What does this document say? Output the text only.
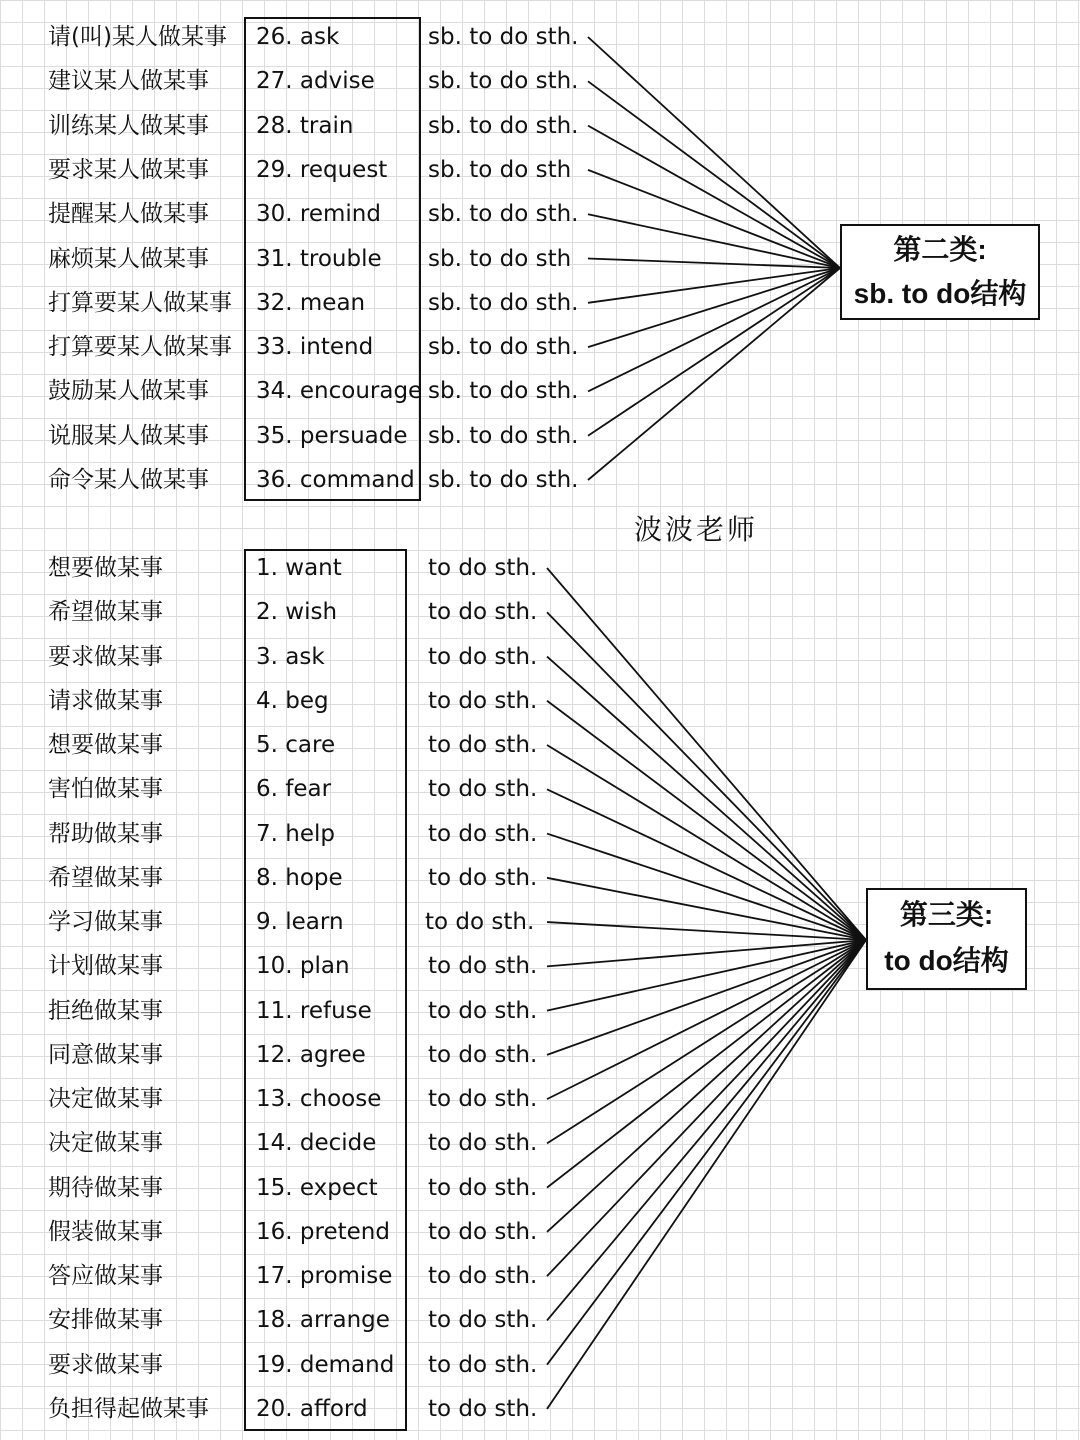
请(叫)某人做某事 26. ask	sb. to do sth.
建议某人做某事 27. advise sb. to do sth.
训练某人做某事 28. train	sb. to do sth.
要求某人做某事 29. request sb. to do sth
提醒某人做某事 30. remind sb. to do sth.
麻烦某人做某事 31. trouble sb. to do sth
打算要某人做某事 32. mean	sb. to do sth.
打算要某人做某事 33. intend sb. to do sth.
鼓励某人做某事 34. encourage sb. to do sth.
说服某人做某事 35. persuade sb. to do sth.
命令某人做某事 36. command sb. to do sth.
想要做某事	1. want	to do sth.
希望做某事	2. wish	to do sth.
要求做某事	3. ask	to do sth.
请求做某事	4. beg	to do sth.
想要做某事	5. care	to do sth.
害怕做某事	6. fear	to do sth.
帮助做某事	7. help	to do sth.
希望做某事	8. hope	to do sth.
学习做某事	9. learn	to do sth.
计划做某事	10. plan	to do sth.
拒绝做某事	11. refuse to do sth.
同意做某事	12. agree	to do sth.
决定做某事	13. choose to do sth.
决定做某事	14. decide to do sth.
期待做某事	15. expect to do sth.
假装做某事	16. pretend to do sth.
答应做某事	17. promise to do sth.
安排做某事	18. arrange to do sth.
要求做某事	19. demand to do sth.
负担得起做某事 20. afford	to do sth.
波波老师
第二类:
sb. to do结构
第三类:
to do结构
